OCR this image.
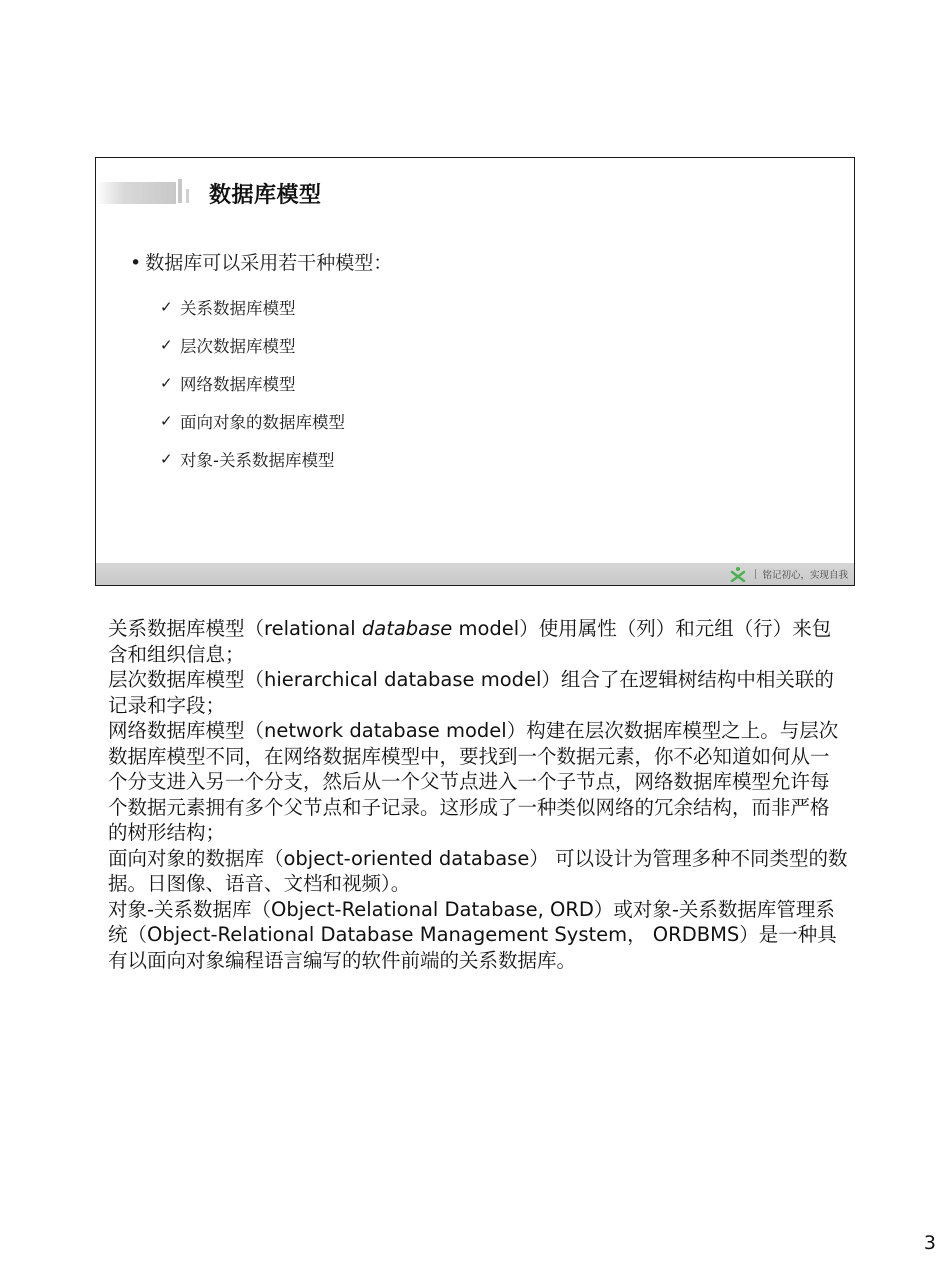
数据库模型
• 数据库可以采用若干种模型：
✓ 关系数据库模型
✓ 层次数据库模型
✓ 网络数据库模型
✓ 面向对象的数据库模型
✓ 对象-关系数据库模型
铭记初心，实现自我

关系数据库模型（relational database model）使用属性（列）和元组（行）来包含和组织信息；

层次数据库模型（hierarchical database model）组合了在逻辑树结构中相关联的记录和字段；

网络数据库模型（network database model）构建在层次数据库模型之上。与层次数据库模型不同，在网络数据库模型中，要找到一个数据元素，你不必知道如何从一个分支进入另一个分支，然后从一个父节点进入一个子节点，网络数据库模型允许每个数据元素拥有多个父节点和子记录。这形成了一种类似网络的冗余结构，而非严格的树形结构；

面向对象的数据库（object-oriented database） 可以设计为管理多种不同类型的数据。日图像、语音、文档和视频）。

对象-关系数据库（Object-Relational Database, ORD）或对象-关系数据库管理系统（Object-Relational Database Management System， ORDBMS）是一种具有以面向对象编程语言编写的软件前端的关系数据库。

3
